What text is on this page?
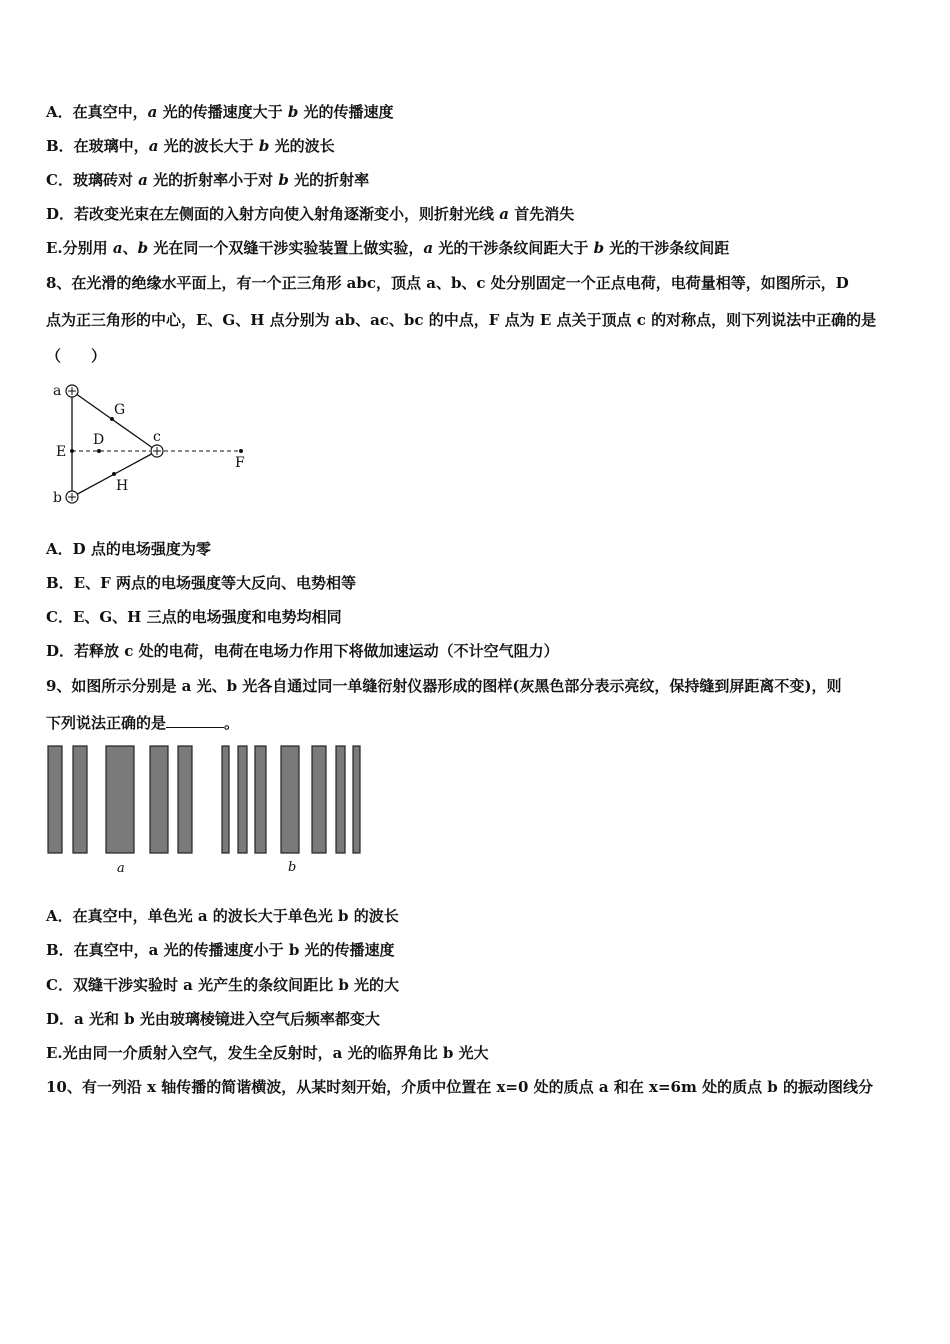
A．在真空中，a 光的传播速度大于 b 光的传播速度
B．在玻璃中，a 光的波长大于 b 光的波长
C．玻璃砖对 a 光的折射率小于对 b 光的折射率
D．若改变光束在左侧面的入射方向使入射角逐渐变小，则折射光线 a 首先消失
E.分别用 a、b 光在同一个双缝干涉实验装置上做实验，a 光的干涉条纹间距大于 b 光的干涉条纹间距
8、在光滑的绝缘水平面上，有一个正三角形 abc，顶点 a、b、c 处分别固定一个正点电荷，电荷量相等，如图所示，D
点为正三角形的中心，E、G、H 点分别为 ab、ac、bc 的中点，F 点为 E 点关于顶点 c 的对称点，则下列说法中正确的是
（　　）
a
b
c
D
E
F
G
H
A．D 点的电场强度为零
B．E、F 两点的电场强度等大反向、电势相等
C．E、G、H 三点的电场强度和电势均相同
D．若释放 c 处的电荷，电荷在电场力作用下将做加速运动（不计空气阻力）
9、如图所示分别是 a 光、b 光各自通过同一单缝衍射仪器形成的图样(灰黑色部分表示亮纹，保持缝到屏距离不变)，则
下列说法正确的是	。
a	b
A．在真空中，单色光 a 的波长大于单色光 b 的波长
B．在真空中，a 光的传播速度小于 b 光的传播速度
C．双缝干涉实验时 a 光产生的条纹间距比 b 光的大
D．a 光和 b 光由玻璃棱镜进入空气后频率都变大
E.光由同一介质射入空气，发生全反射时，a 光的临界角比 b 光大
10、有一列沿 x 轴传播的简谐横波，从某时刻开始，介质中位置在 x=0 处的质点 a 和在 x=6m 处的质点 b 的振动图线分
